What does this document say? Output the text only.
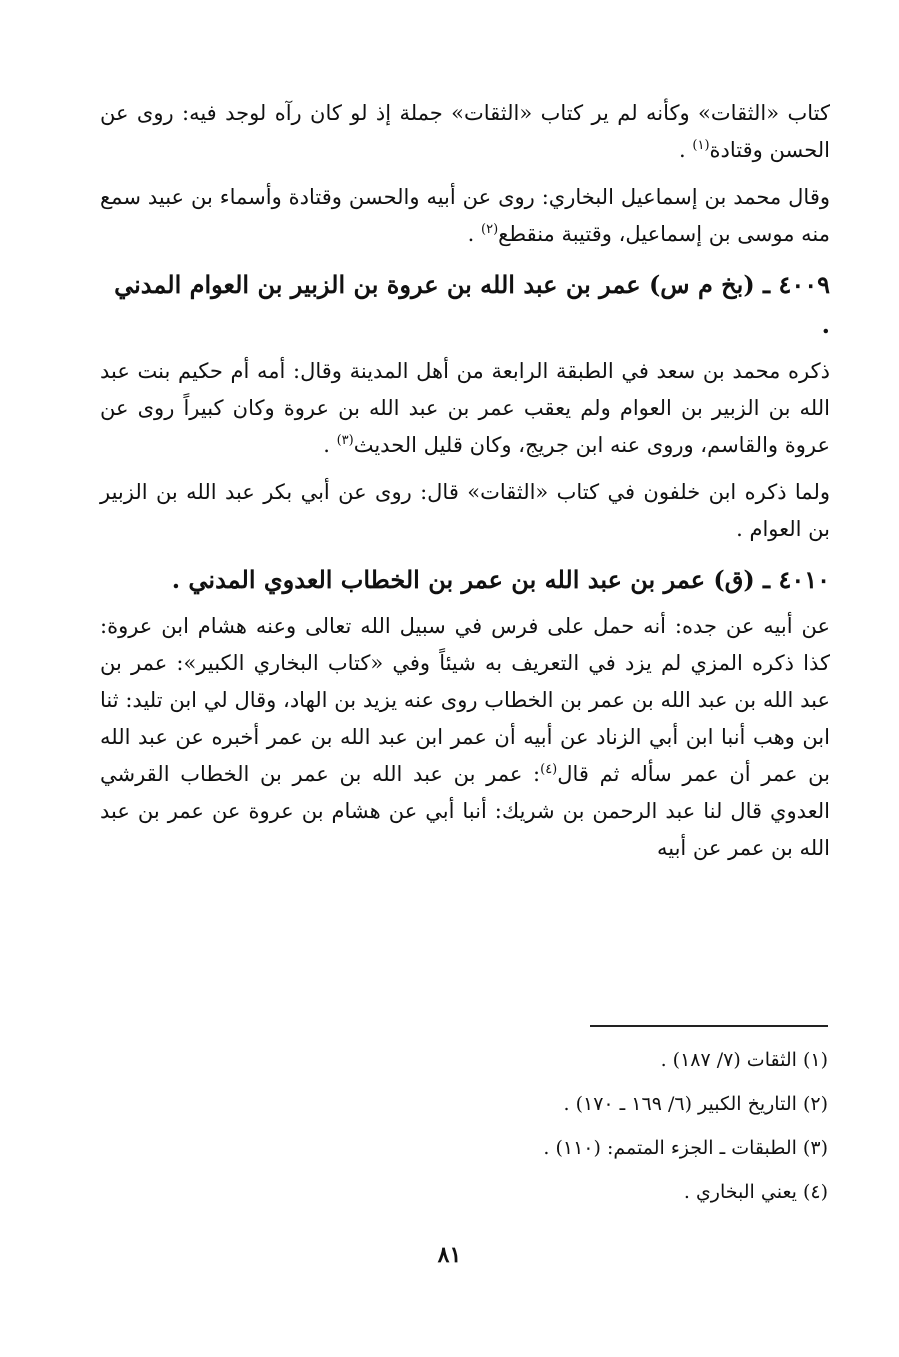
كتاب «الثقات» وكأنه لم ير كتاب «الثقات» جملة إذ لو كان رآه لوجد فيه: روى عن الحسن وقتادة$^{(١)}$ .

وقال محمد بن إسماعيل البخاري: روى عن أبيه والحسن وقتادة وأسماء بن عبيد سمع منه موسى بن إسماعيل، وقتيبة منقطع$^{(٢)}$ .

٤٠٠٩ ـ (بخ م س) عمر بن عبد الله بن عروة بن الزبير بن العوام المدني .

ذكره محمد بن سعد في الطبقة الرابعة من أهل المدينة وقال: أمه أم حكيم بنت عبد الله بن الزبير بن العوام ولم يعقب عمر بن عبد الله بن عروة وكان كبيراً روى عن عروة والقاسم، وروى عنه ابن جريج، وكان قليل الحديث$^{(٣)}$ .

ولما ذكره ابن خلفون في كتاب «الثقات» قال: روى عن أبي بكر عبد الله بن الزبير بن العوام .

٤٠١٠ ـ (ق) عمر بن عبد الله بن عمر بن الخطاب العدوي المدني .

عن أبيه عن جده: أنه حمل على فرس في سبيل الله تعالى وعنه هشام ابن عروة: كذا ذكره المزي لم يزد في التعريف به شيئاً وفي «كتاب البخاري الكبير»: عمر بن عبد الله بن عبد الله بن عمر بن الخطاب روى عنه يزيد بن الهاد، وقال لي ابن تليد: ثنا ابن وهب أنبا ابن أبي الزناد عن أبيه أن عمر ابن عبد الله بن عمر أخبره عن عبد الله بن عمر أن عمر سأله ثم قال$^{(٤)}$: عمر بن عبد الله بن عمر بن الخطاب القرشي العدوي قال لنا عبد الرحمن بن شريك: أنبا أبي عن هشام بن عروة عن عمر بن عبد الله بن عمر عن أبيه

(١) الثقات (٧/ ١٨٧) .

(٢) التاريخ الكبير (٦/ ١٦٩ ـ ١٧٠) .

(٣) الطبقات ـ الجزء المتمم: (١١٠) .

(٤) يعني البخاري .

٨١
